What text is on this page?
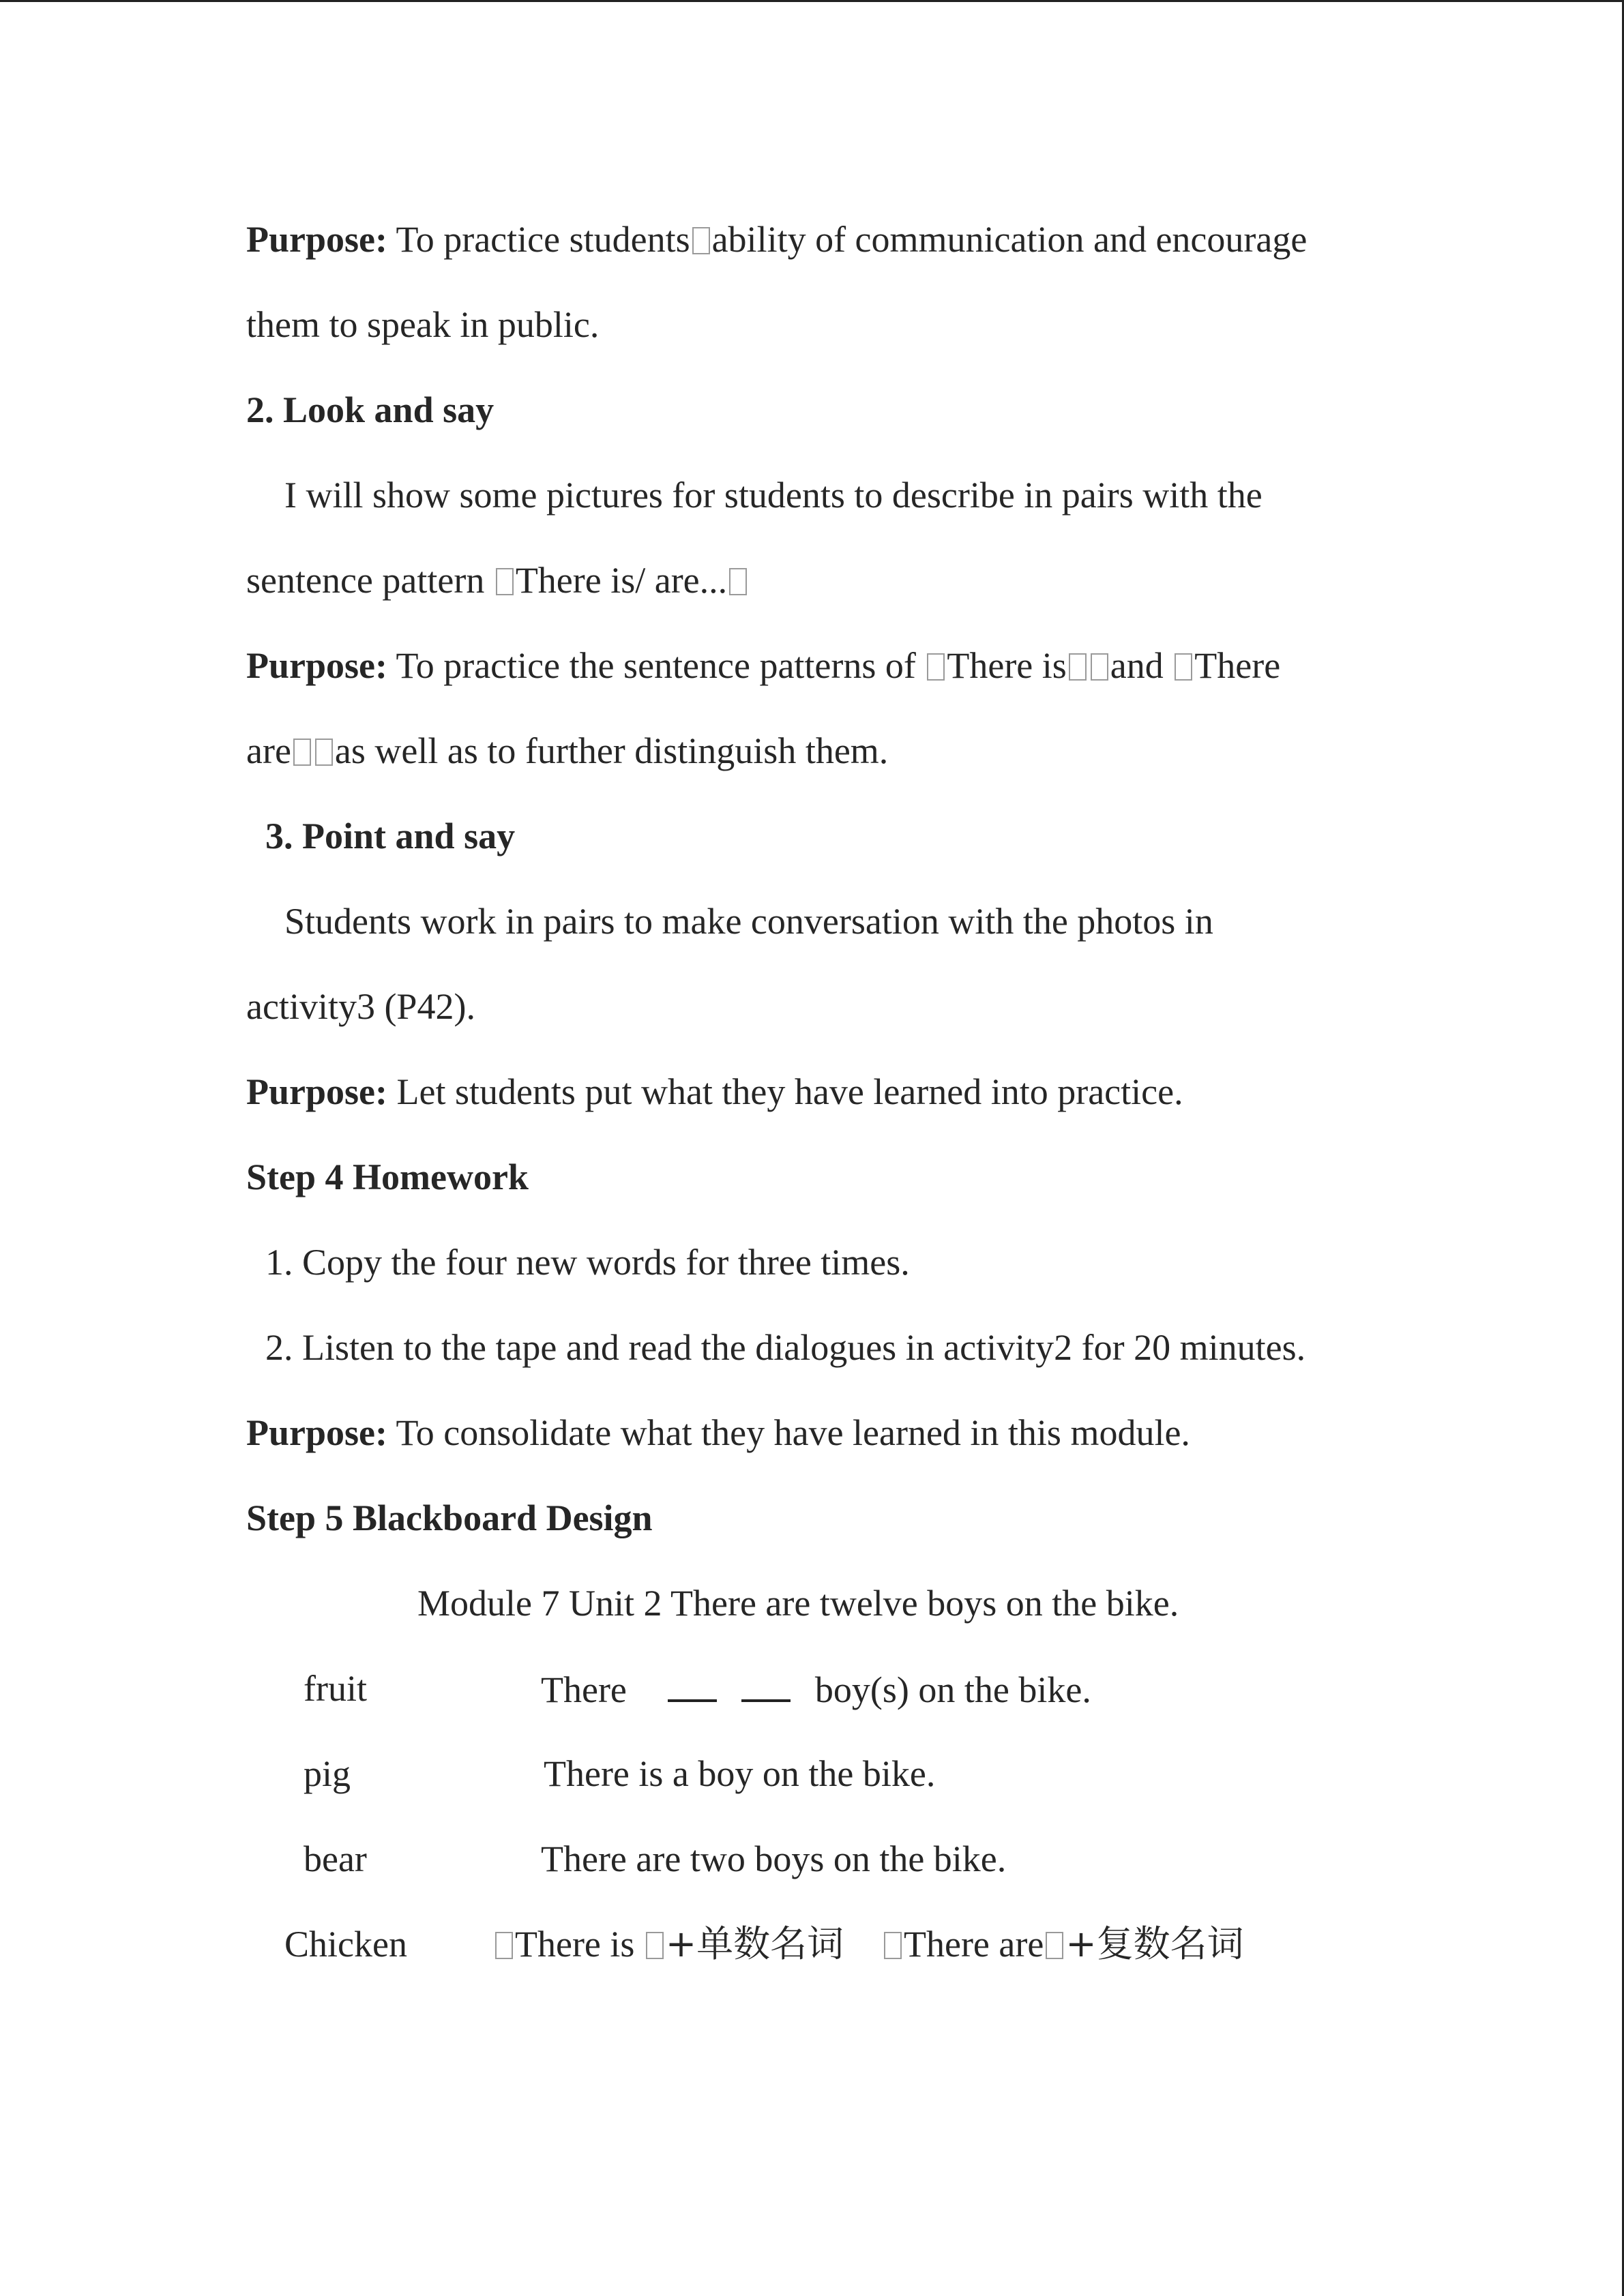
Purpose: To practice students ability of communication and encourage
them to speak in public.
2. Look and say
I will show some pictures for students to describe in pairs with the
sentence pattern There is/ are...
Purpose: To practice the sentence patterns of There is and There
are as well as to further distinguish them.
3. Point and say
Students work in pairs to make conversation with the photos in
activity3 (P42).
Purpose: Let students put what they have learned into practice.
Step 4 Homework
1. Copy the four new words for three times.
2. Listen to the tape and read the dialogues in activity2 for 20 minutes.
Purpose: To consolidate what they have learned in this module.
Step 5 Blackboard Design
Module 7 Unit 2 There are twelve boys on the bike.
fruit	There	boy(s) on the bike.
pig	There is a boy on the bike.
bear	There are two boys on the bike.
Chicken	There is +单数名词	There are +复数名词
